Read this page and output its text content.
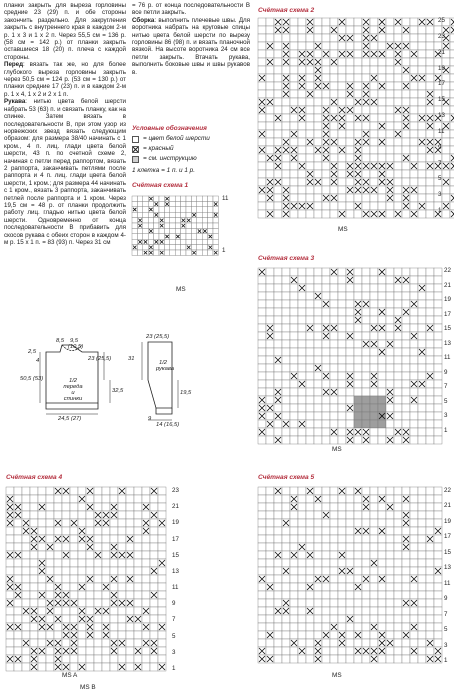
планки закрыть для выреза горловины средние 23 (29) п. и обе стороны закончить раздельно. Для закругления закрыть с внутреннего края в каждом 2-м р. 1 х 3 и 1 х 2 п. Через 55,5 см = 136 р. (58 см = 142 р.) от планки закрыть оставшиеся 18 (20) п. плеча с каждой стороны.
Перед: вязать так же, но для более глубокого выреза горловины закрыть через 50,5 см = 124 р. (53 см = 130 р.) от планки средние 17 (23) п. и в каждом 2-м р. 1 х 4, 1 х 2 и 2 х 1 п.
Рукава: нитью цвета белой шерсти набрать 53 (63) п. и связать планку, как на спинке. Затем вязать в последовательности В, при этом узор из норвежских звезд вязать следующим образом: для размера 38/40 начинать с 1 кром., 4 п. лиц. глади цвета белой шерсти, 43 п. по счетной схеме 2, начиная с петли перед раппортом, вязать 2 раппорта, заканчивать петлями после раппорта и 4 п. лиц. глади цвета белой шерсти, 1 кром.; для размера 44 начинать с 1 кром., вязать 3 раппорта, заканчивать петлей после раппорта и 1 кром. Через 19,5 см = 48 р. от планки продолжить работу лиц. гладью нитью цвета белой шерсти. Одновременно от конца последовательности В прибавить для скосов рукава с обеих сторон в каждом 4-м р. 15 х 1 п. = 83 (93) п. Через 31 см
= 76 р. от конца последовательности В все петли закрыть.
Сборка: выполнить плечевые швы. Для воротника набрать на круговые спицы нитью цвета белой шерсти по вырезу горловины 86 (98) п. и вязать планочной вязкой. На высоте воротника 24 см все петли закрыть. Втачать рукава, выполнить боковые швы и швы рукавов в.
Условные обозначения
= цвет белой шерсти
= красный
= см. инструкцию
1 клетка = 1 п. и 1 р.
Счётная схема 1
Счётная схема 2
Счётная схема 3
Счётная схема 4	Счётная схема 5
11
1
MS
25
23
21
19
17
15
13
11
9
7
5
3
1
MS
22
21
19
17
15
13
11
9
7
5
3
1
MS
23
21
19
17
15
13
11
9
7
5
3
1
MS A
MS B
22
21
19
17
15
13
11
9
7
5
3
1
MS
8,5 9,5
(10,5)
23 (25,5)
2,5
4
50,5 (53)
32,5
1/2 переда и спинки
24,5 (27)
23 (25,5)
31
19,5
1/2 рукава
9
14 (16,5)
